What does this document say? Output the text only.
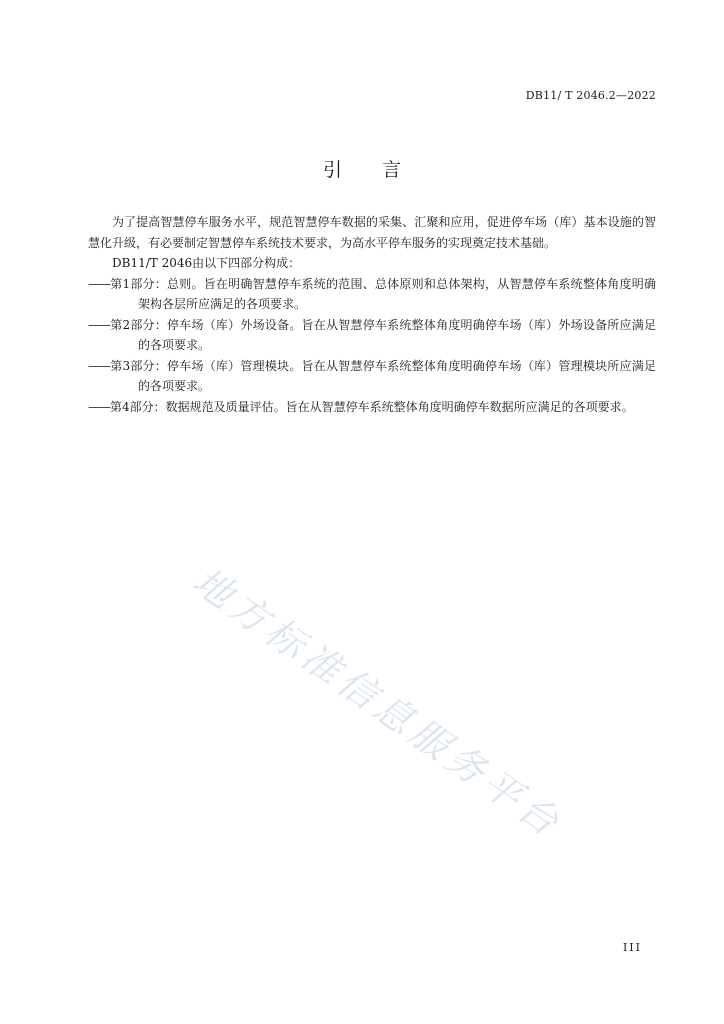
DB11/ T 2046.2—2022
引 言

为了提高智慧停车服务水平，规范智慧停车数据的采集、汇聚和应用，促进停车场（库）基本设施的智慧化升级，有必要制定智慧停车系统技术要求，为高水平停车服务的实现奠定技术基础。

DB11/T 2046由以下四部分构成：

——第1部分：总则。旨在明确智慧停车系统的范围、总体原则和总体架构，从智慧停车系统整体角度明确架构各层所应满足的各项要求。

——第2部分：停车场（库）外场设备。旨在从智慧停车系统整体角度明确停车场（库）外场设备所应满足的各项要求。

——第3部分：停车场（库）管理模块。旨在从智慧停车系统整体角度明确停车场（库）管理模块所应满足的各项要求。

——第4部分：数据规范及质量评估。旨在从智慧停车系统整体角度明确停车数据所应满足的各项要求。

地方标准信息服务平台
III
